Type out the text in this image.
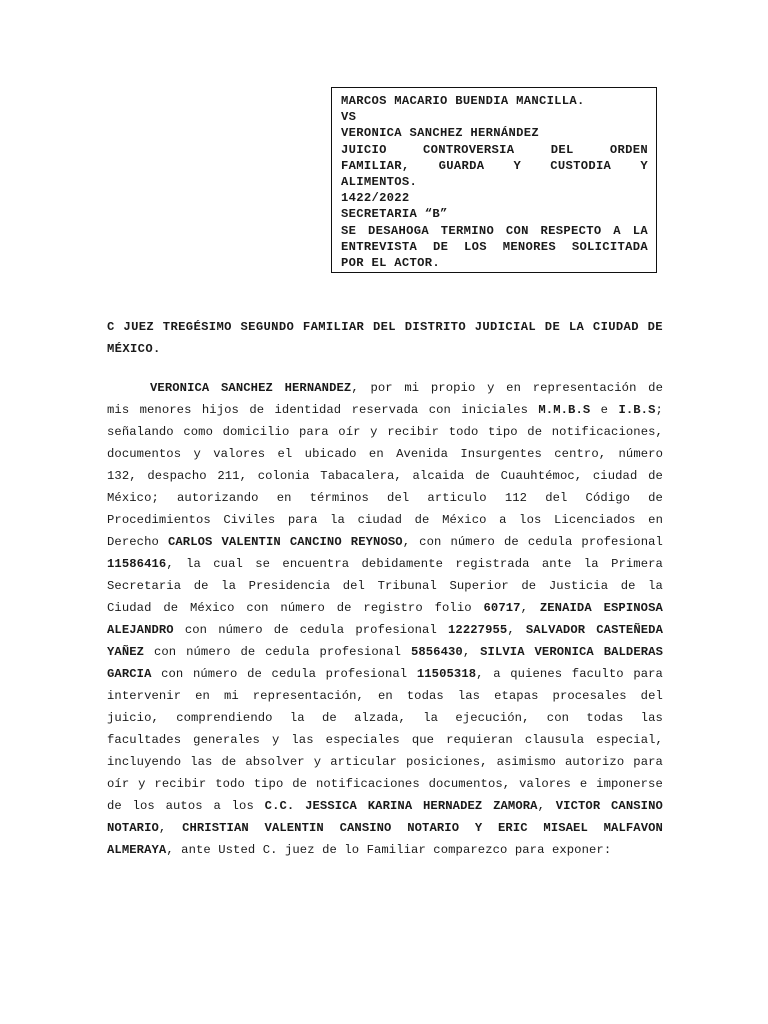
MARCOS MACARIO BUENDIA MANCILLA.
VS
VERONICA SANCHEZ HERNÁNDEZ
JUICIO	CONTROVERSIA	DEL	ORDEN
FAMILIAR, GUARDA Y CUSTODIA Y
ALIMENTOS.
1422/2022
SECRETARIA “B”
SE DESAHOGA TERMINO CON RESPECTO A LA
ENTREVISTA DE LOS MENORES SOLICITADA
POR EL ACTOR.
C JUEZ TREGÉSIMO SEGUNDO FAMILIAR DEL DISTRITO JUDICIAL DE LA CIUDAD DE
MÉXICO.
VERONICA SANCHEZ HERNANDEZ, por mi propio y en representación de
mis menores hijos de identidad reservada con iniciales M.M.B.S e I.B.S;
señalando como domicilio para oír y recibir todo tipo de notificaciones,
documentos y valores el ubicado en Avenida Insurgentes centro, número
132, despacho 211, colonia Tabacalera, alcaida de Cuauhtémoc, ciudad de
México; autorizando en términos del articulo 112 del Código de
Procedimientos Civiles para la ciudad de México a los Licenciados en
Derecho CARLOS VALENTIN CANCINO REYNOSO, con número de cedula profesional
11586416, la cual se encuentra debidamente registrada ante la Primera
Secretaria de la Presidencia del Tribunal Superior de Justicia de la
Ciudad de México con número de registro folio 60717, ZENAIDA ESPINOSA
ALEJANDRO con número de cedula profesional 12227955, SALVADOR CASTEÑEDA
YAÑEZ con número de cedula profesional 5856430, SILVIA VERONICA BALDERAS
GARCIA con número de cedula profesional 11505318, a quienes faculto para
intervenir en mi representación, en todas las etapas procesales del
juicio, comprendiendo la de alzada, la ejecución, con todas las
facultades generales y las especiales que requieran clausula especial,
incluyendo las de absolver y articular posiciones, asimismo autorizo para
oír y recibir todo tipo de notificaciones documentos, valores e imponerse
de los autos a los C.C. JESSICA KARINA HERNADEZ ZAMORA, VICTOR CANSINO
NOTARIO, CHRISTIAN VALENTIN CANSINO NOTARIO Y ERIC MISAEL MALFAVON
ALMERAYA, ante Usted C. juez de lo Familiar comparezco para exponer:
